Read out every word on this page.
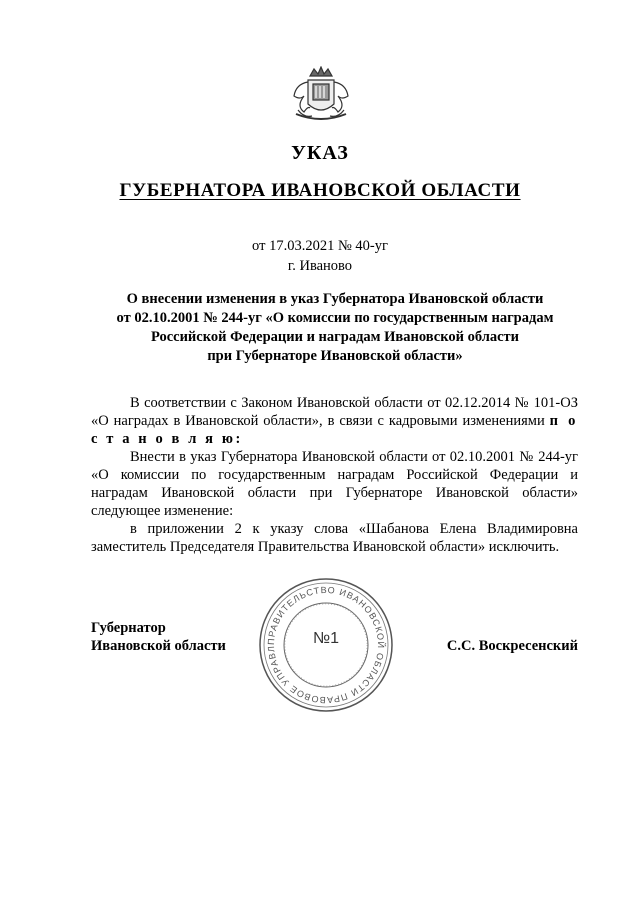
УКАЗ
ГУБЕРНАТОРА ИВАНОВСКОЙ ОБЛАСТИ
от 17.03.2021 № 40-уг
г. Иваново
О внесении изменения в указ Губернатора Ивановской области
от 02.10.2001 № 244-уг «О комиссии по государственным наградам
Российской Федерации и наградам Ивановской области
при Губернаторе Ивановской области»

В соответствии с Законом Ивановской области от 02.12.2014 № 101-ОЗ «О наградах в Ивановской области», в связи с кадровыми изменениями п о с т а н о в л я ю:

Внести в указ Губернатора Ивановской области от 02.10.2001 № 244-уг «О комиссии по государственным наградам Российской Федерации и наградам Ивановской области при Губернаторе Ивановской области» следующее изменение:

в приложении 2 к указу слова «Шабанова Елена Владимировна заместитель Председателя Правительства Ивановской области» исключить.

Губернатор
Ивановской области	ПРАВИТЕЛЬСТВО ИВАНОВСКОЙ ОБЛАСТИ ПРАВОВОЕ УПРАВЛ
№1	С.С. Воскресенский
